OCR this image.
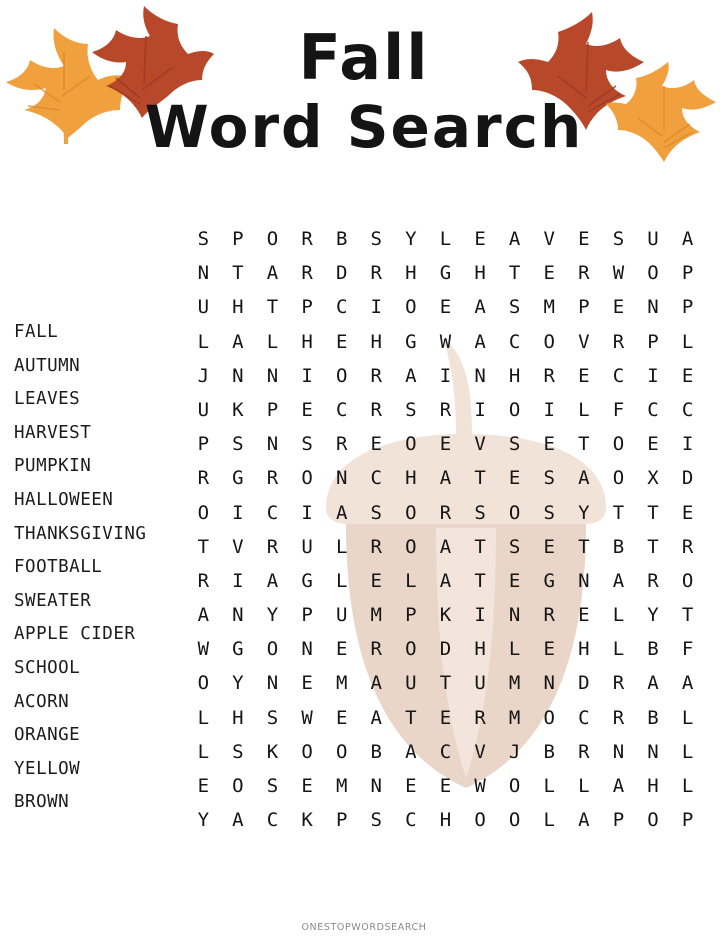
Fall
Word Search
FALL
AUTUMN
LEAVES
HARVEST
PUMPKIN
HALLOWEEN
THANKSGIVING
FOOTBALL
SWEATER
APPLE CIDER
SCHOOL
ACORN
ORANGE
YELLOW
BROWN
S	P	O	R	B	S	Y	L	E	A	V	E	S	U	A
N	T	A	R	D	R	H	G	H	T	E	R	W	O	P
U	H	T	P	C	I	O	E	A	S	M	P	E	N	P
L	A	L	H	E	H	G	W	A	C	O	V	R	P	L
J	N	N	I	O	R	A	I	N	H	R	E	C	I	E
U	K	P	E	C	R	S	R	I	O	I	L	F	C	C
P	S	N	S	R	E	O	E	V	S	E	T	O	E	I
R	G	R	O	N	C	H	A	T	E	S	A	O	X	D
O	I	C	I	A	S	O	R	S	O	S	Y	T	T	E
T	V	R	U	L	R	O	A	T	S	E	T	B	T	R
R	I	A	G	L	E	L	A	T	E	G	N	A	R	O
A	N	Y	P	U	M	P	K	I	N	R	E	L	Y	T
W	G	O	N	E	R	O	D	H	L	E	H	L	B	F
O	Y	N	E	M	A	U	T	U	M	N	D	R	A	A
L	H	S	W	E	A	T	E	R	M	O	C	R	B	L
L	S	K	O	O	B	A	C	V	J	B	R	N	N	L
E	O	S	E	M	N	E	E	W	O	L	L	A	H	L
Y	A	C	K	P	S	C	H	O	O	L	A	P	O	P
ONESTOPWORDSEARCH
